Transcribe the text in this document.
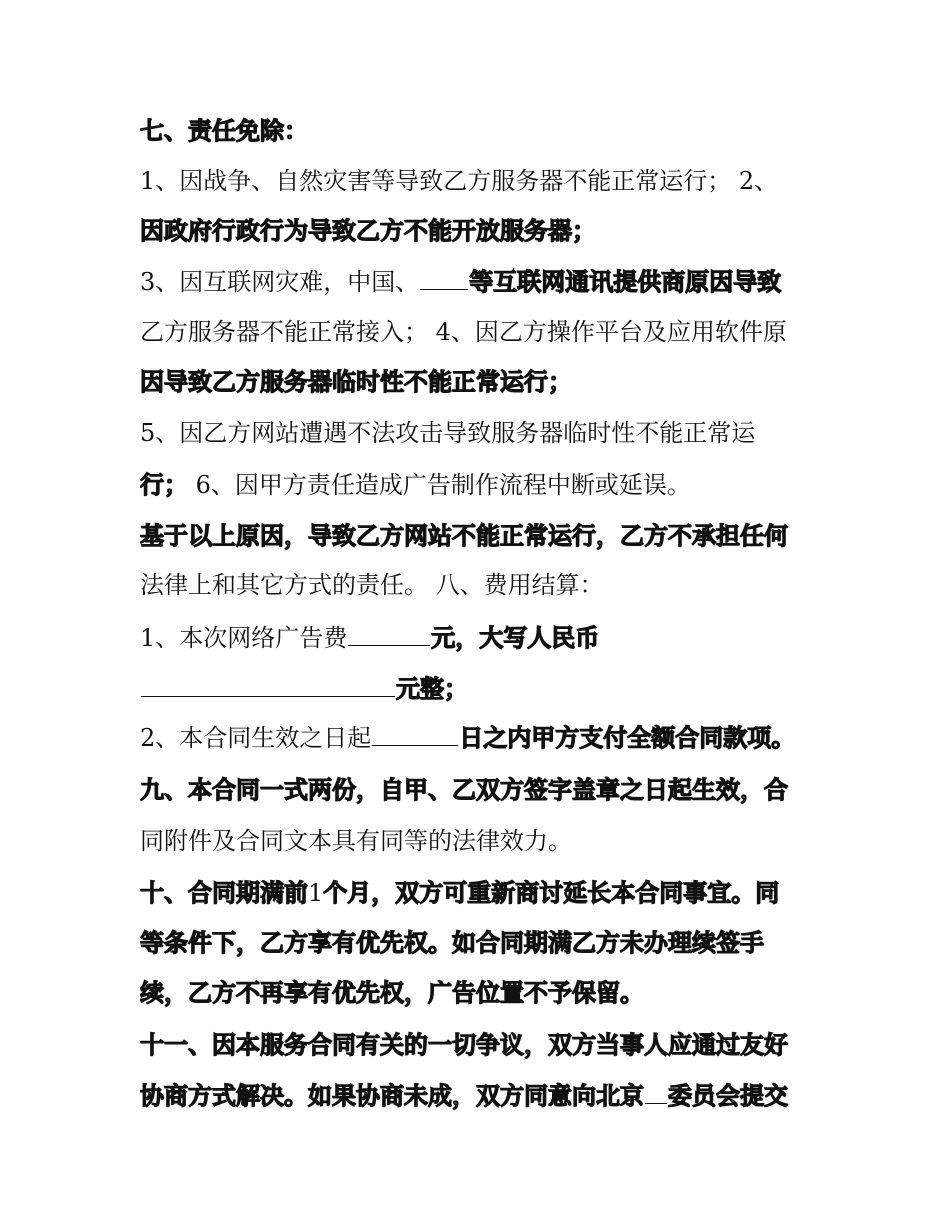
七、责任免除：
1、因战争、自然灾害等导致乙方服务器不能正常运行； 2、
因政府行政行为导致乙方不能开放服务器；
3、因互联网灾难，中国、 等互联网通讯提供商原因导致
乙方服务器不能正常接入； 4、因乙方操作平台及应用软件原
因导致乙方服务器临时性不能正常运行；
5、因乙方网站遭遇不法攻击导致服务器临时性不能正常运
行； 6、因甲方责任造成广告制作流程中断或延误。
基于以上原因，导致乙方网站不能正常运行，乙方不承担任何
法律上和其它方式的责任。 八、费用结算：
1、本次网络广告费	元，大写人民币
元整；
2、本合同生效之日起	日之内甲方支付全额合同款项。
九、本合同一式两份，自甲、乙双方签字盖章之日起生效，合
同附件及合同文本具有同等的法律效力。
十、合同期满前1个月，双方可重新商讨延长本合同事宜。同
等条件下，乙方享有优先权。如合同期满乙方未办理续签手
续，乙方不再享有优先权，广告位置不予保留。
十一、因本服务合同有关的一切争议，双方当事人应通过友好
协商方式解决。如果协商未成，双方同意向北京 委员会提交
